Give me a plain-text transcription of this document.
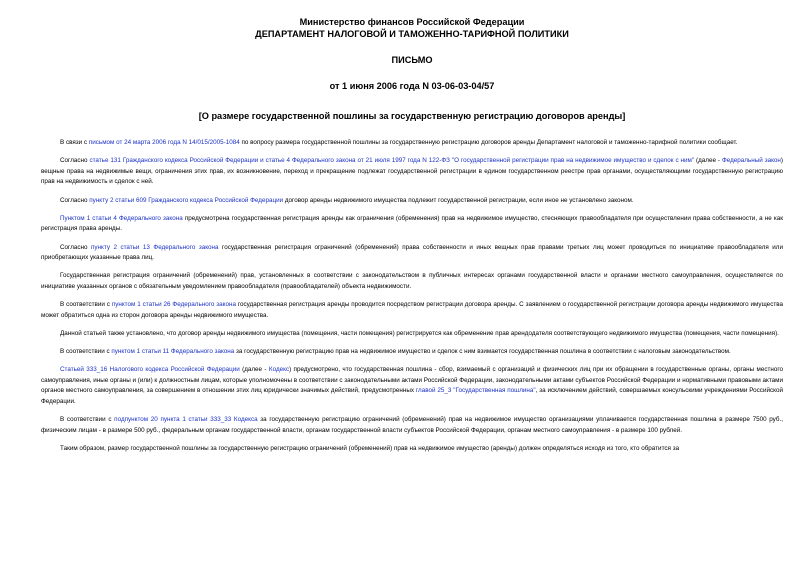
Министерство финансов Российской Федерации
ДЕПАРТАМЕНТ НАЛОГОВОЙ И ТАМОЖЕННО-ТАРИФНОЙ ПОЛИТИКИ
ПИСЬМО
от 1 июня 2006 года N 03-06-03-04/57
[О размере государственной пошлины за государственную регистрацию договоров аренды]

В связи с письмом от 24 марта 2006 года N 14/015/2005-1084 по вопросу размера государственной пошлины за государственную регистрацию договоров аренды Департамент налоговой и таможенно-тарифной политики сообщает.

Согласно статье 131 Гражданского кодекса Российской Федерации и статье 4 Федерального закона от 21 июля 1997 года N 122-ФЗ "О государственной регистрации прав на недвижимое имущество и сделок с ним" (далее - Федеральный закон) вещные права на недвижимые вещи, ограничения этих прав, их возникновение, переход и прекращение подлежат государственной регистрации в едином государственном реестре прав органами, осуществляющими государственную регистрацию прав на недвижимость и сделок с ней.

Согласно пункту 2 статьи 609 Гражданского кодекса Российской Федерации договор аренды недвижимого имущества подлежит государственной регистрации, если иное не установлено законом.

Пунктом 1 статьи 4 Федерального закона предусмотрена государственная регистрация аренды как ограничения (обременения) прав на недвижимое имущество, стесняющих правообладателя при осуществлении права собственности, а не как регистрация права аренды.

Согласно пункту 2 статьи 13 Федерального закона государственная регистрация ограничений (обременений) права собственности и иных вещных прав правами третьих лиц может проводиться по инициативе правообладателя или приобретающих указанные права лиц.

Государственная регистрация ограничений (обременений) прав, установленных в соответствии с законодательством в публичных интересах органами государственной власти и органами местного самоуправления, осуществляется по инициативе указанных органов с обязательным уведомлением правообладателя (правообладателей) объекта недвижимости.

В соответствии с пунктом 1 статьи 26 Федерального закона государственная регистрация аренды проводится посредством регистрации договора аренды. С заявлением о государственной регистрации договора аренды недвижимого имущества может обратиться одна из сторон договора аренды недвижимого имущества.

Данной статьей также установлено, что договор аренды недвижимого имущества (помещения, части помещения) регистрируется как обременение прав арендодателя соответствующего недвижимого имущества (помещения, части помещения).

В соответствии с пунктом 1 статьи 11 Федерального закона за государственную регистрацию прав на недвижимое имущество и сделок с ним взимается государственная пошлина в соответствии с налоговым законодательством.

Статьей 333_16 Налогового кодекса Российской Федерации (далее - Кодекс) предусмотрено, что государственная пошлина - сбор, взимаемый с организаций и физических лиц при их обращении в государственные органы, органы местного самоуправления, иные органы и (или) к должностным лицам, которые уполномочены в соответствии с законодательными актами Российской Федерации, законодательными актами субъектов Российской Федерации и нормативными правовыми актами органов местного самоуправления, за совершением в отношении этих лиц юридически значимых действий, предусмотренных главой 25_3 "Государственная пошлина", за исключением действий, совершаемых консульскими учреждениями Российской Федерации.

В соответствии с подпунктом 20 пункта 1 статьи 333_33 Кодекса за государственную регистрацию ограничений (обременений) прав на недвижимое имущество организациями уплачивается государственная пошлина в размере 7500 руб., физическим лицам - в размере 500 руб., федеральным органам государственной власти, органам государственной власти субъектов Российской Федерации, органам местного самоуправления - в размере 100 рублей.

Таким образом, размер государственной пошлины за государственную регистрацию ограничений (обременений) прав на недвижимое имущество (аренды) должен определяться исходя из того, кто обратится за
